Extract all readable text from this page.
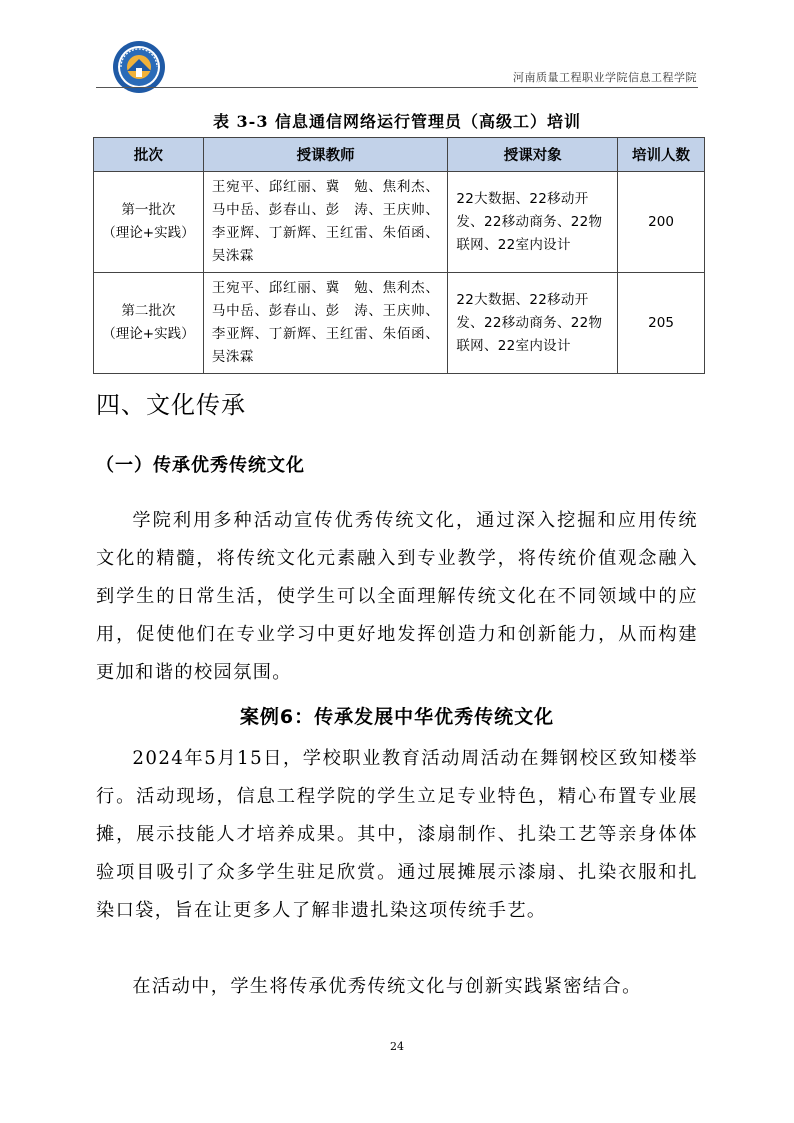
河南质量工程职业学院信息工程学院
表 3-3 信息通信网络运行管理员（高级工）培训
批次	授课教师	授课对象	培训人数

第一批次
（理论+实践）	王宛平、邱红丽、冀　勉、焦利杰、马中岳、彭春山、彭　涛、王庆帅、李亚辉、丁新辉、王红雷、朱佰函、吴洙霖	22大数据、22移动开发、22移动商务、22物联网、22室内设计	200

第二批次
（理论+实践）	王宛平、邱红丽、冀　勉、焦利杰、马中岳、彭春山、彭　涛、王庆帅、李亚辉、丁新辉、王红雷、朱佰函、吴洙霖	22大数据、22移动开发、22移动商务、22物联网、22室内设计	205
四、文化传承
（一）传承优秀传统文化

学院利用多种活动宣传优秀传统文化，通过深入挖掘和应用传统文化的精髓，将传统文化元素融入到专业教学，将传统价值观念融入到学生的日常生活，使学生可以全面理解传统文化在不同领域中的应用，促使他们在专业学习中更好地发挥创造力和创新能力，从而构建更加和谐的校园氛围。

案例6：传承发展中华优秀传统文化

2024年5月15日，学校职业教育活动周活动在舞钢校区致知楼举行。活动现场，信息工程学院的学生立足专业特色，精心布置专业展摊，展示技能人才培养成果。其中，漆扇制作、扎染工艺等亲身体体验项目吸引了众多学生驻足欣赏。通过展摊展示漆扇、扎染衣服和扎染口袋，旨在让更多人了解非遗扎染这项传统手艺。

在活动中，学生将传承优秀传统文化与创新实践紧密结合。

24
